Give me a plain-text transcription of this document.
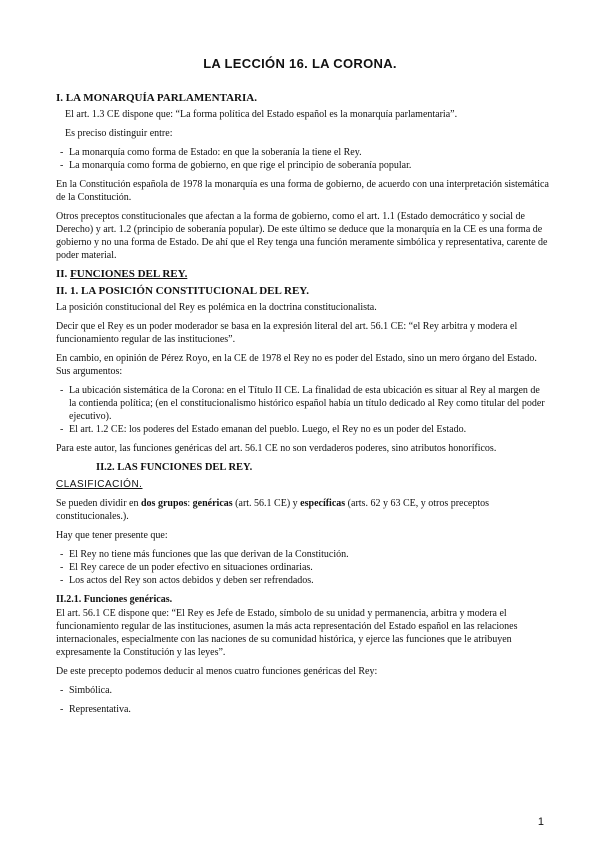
LA LECCIÓN 16. LA CORONA.

I. LA MONARQUÍA PARLAMENTARIA.

El art. 1.3 CE dispone que: “La forma política del Estado español es la monarquía parlamentaria”.

Es preciso distinguir entre:

- La monarquía como forma de Estado: en que la soberanía la tiene el Rey.
- La monarquía como forma de gobierno, en que rige el principio de soberanía popular.

En la Constitución española de 1978 la monarquía es una forma de gobierno, de acuerdo con una interpretación sistemática de la Constitución.

Otros preceptos constitucionales que afectan a la forma de gobierno, como el art. 1.1 (Estado democrático y social de Derecho) y art. 1.2 (principio de soberanía popular). De este último se deduce que la monarquía en la CE es una forma de gobierno y no una forma de Estado. De ahí que el Rey tenga una función meramente simbólica y representativa, carente de poder material.

II. FUNCIONES DEL REY.

II. 1. LA POSICIÓN CONSTITUCIONAL DEL REY.

La posición constitucional del Rey es polémica en la doctrina constitucionalista.

Decir que el Rey es un poder moderador se basa en la expresión literal del art. 56.1 CE: “el Rey arbitra y modera el funcionamiento regular de las instituciones”.

En cambio, en opinión de Pérez Royo, en la CE de 1978 el Rey no es poder del Estado, sino un mero órgano del Estado. Sus argumentos:

- La ubicación sistemática de la Corona: en el Título II CE. La finalidad de esta ubicación es situar al Rey al margen de la contienda política; (en el constitucionalismo histórico español había un título dedicado al Rey como titular del poder ejecutivo).
- El art. 1.2 CE: los poderes del Estado emanan del pueblo. Luego, el Rey no es un poder del Estado.

Para este autor, las funciones genéricas del art. 56.1 CE no son verdaderos poderes, sino atributos honoríficos.

II.2. LAS FUNCIONES DEL REY.

CLASIFICACIÓN.

Se pueden dividir en dos grupos: genéricas (art. 56.1 CE) y específicas (arts. 62 y 63 CE, y otros preceptos constitucionales.).

Hay que tener presente que:

- El Rey no tiene más funciones que las que derivan de la Constitución.
- El Rey carece de un poder efectivo en situaciones ordinarias.
- Los actos del Rey son actos debidos y deben ser refrendados.

II.2.1. Funciones genéricas.

El art. 56.1 CE dispone que: “El Rey es Jefe de Estado, símbolo de su unidad y permanencia, arbitra y modera el funcionamiento regular de las instituciones, asumen la más acta representación del Estado español en las relaciones internacionales, especialmente con las naciones de su comunidad histórica, y ejerce las funciones que le atribuyen expresamente la Constitución y las leyes”.

De este precepto podemos deducir al menos cuatro funciones genéricas del Rey:

- Simbólica.
- Representativa.
1
